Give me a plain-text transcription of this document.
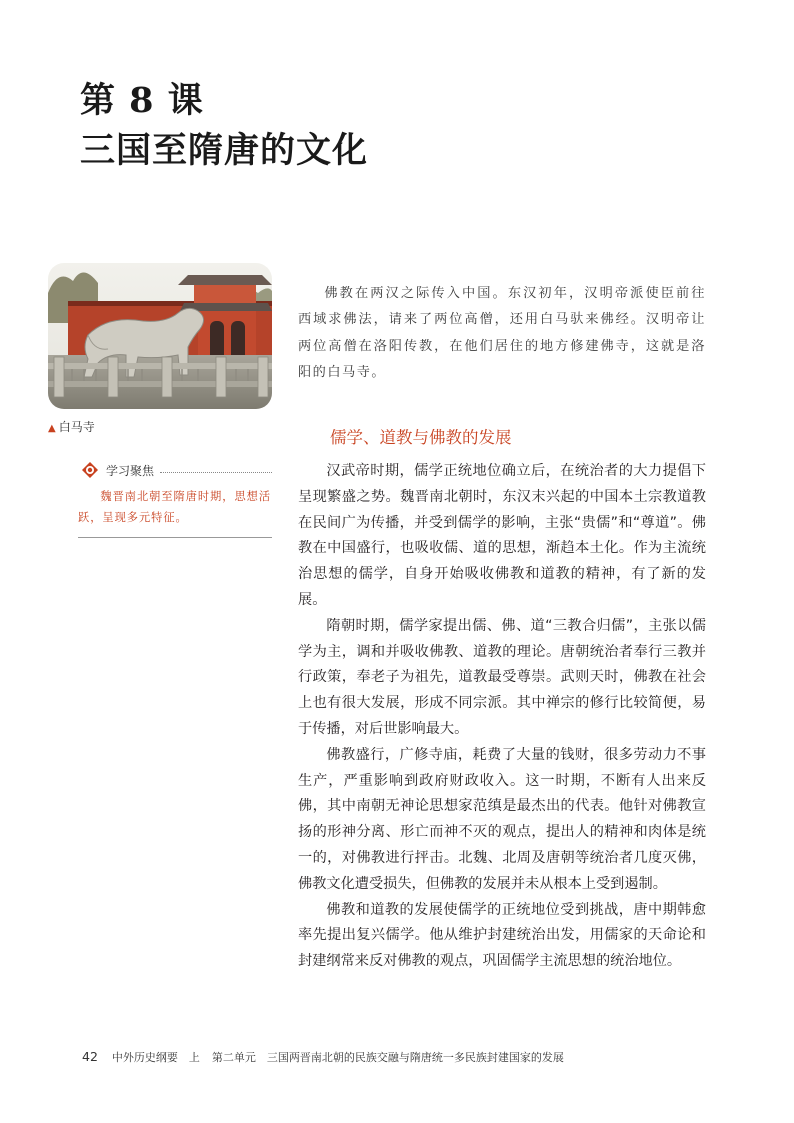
第 8 课
三国至隋唐的文化
▲ 白马寺
学习聚焦
魏晋南北朝至隋唐时期，思想活跃，呈现多元特征。

佛教在两汉之际传入中国。东汉初年，汉明帝派使臣前往西域求佛法，请来了两位高僧，还用白马驮来佛经。汉明帝让两位高僧在洛阳传教，在他们居住的地方修建佛寺，这就是洛阳的白马寺。

儒学、道教与佛教的发展

汉武帝时期，儒学正统地位确立后，在统治者的大力提倡下呈现繁盛之势。魏晋南北朝时，东汉末兴起的中国本土宗教道教在民间广为传播，并受到儒学的影响，主张“贵儒”和“尊道”。佛教在中国盛行，也吸收儒、道的思想，渐趋本土化。作为主流统治思想的儒学，自身开始吸收佛教和道教的精神，有了新的发展。

隋朝时期，儒学家提出儒、佛、道“三教合归儒”，主张以儒学为主，调和并吸收佛教、道教的理论。唐朝统治者奉行三教并行政策，奉老子为祖先，道教最受尊崇。武则天时，佛教在社会上也有很大发展，形成不同宗派。其中禅宗的修行比较简便，易于传播，对后世影响最大。

佛教盛行，广修寺庙，耗费了大量的钱财，很多劳动力不事生产，严重影响到政府财政收入。这一时期，不断有人出来反佛，其中南朝无神论思想家范缜是最杰出的代表。他针对佛教宣扬的形神分离、形亡而神不灭的观点，提出人的精神和肉体是统一的，对佛教进行抨击。北魏、北周及唐朝等统治者几度灭佛，佛教文化遭受损失，但佛教的发展并未从根本上受到遏制。

佛教和道教的发展使儒学的正统地位受到挑战，唐中期韩愈率先提出复兴儒学。他从维护封建统治出发，用儒家的天命论和封建纲常来反对佛教的观点，巩固儒学主流思想的统治地位。

42 中外历史纲要　上 第二单元　三国两晋南北朝的民族交融与隋唐统一多民族封建国家的发展
